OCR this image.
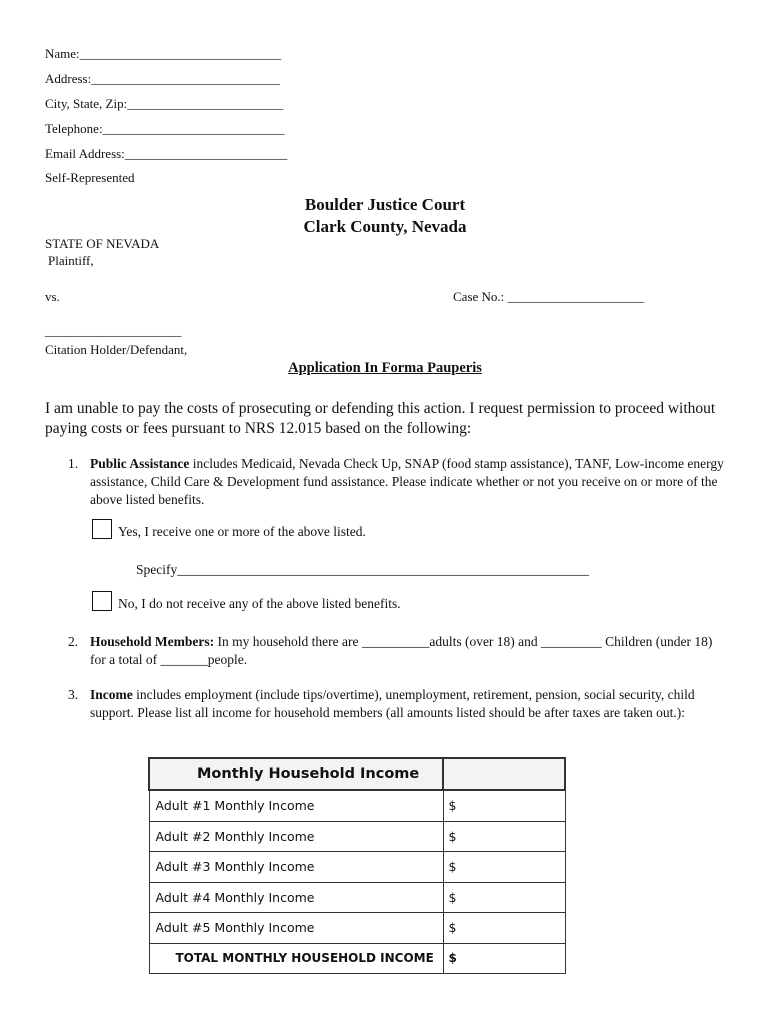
Name:_______________________________
Address:_____________________________
City, State, Zip:________________________
Telephone:____________________________
Email Address:_________________________
Self-Represented
Boulder Justice Court
Clark County, Nevada
STATE OF NEVADA
Plaintiff,
vs.	Case No.: _____________________
_____________________
Citation Holder/Defendant,
Application In Forma Pauperis
I am unable to pay the costs of prosecuting or defending this action. I request permission to proceed without paying costs or fees pursuant to NRS 12.015 based on the following:
1. Public Assistance includes Medicaid, Nevada Check Up, SNAP (food stamp assistance), TANF, Low-income energy assistance, Child Care & Development fund assistance. Please indicate whether or not you receive on or more of the above listed benefits.
Yes, I receive one or more of the above listed.
Specify_____________________________________________________________
No, I do not receive any of the above listed benefits.
2. Household Members: In my household there are __________adults (over 18) and _________ Children (under 18) for a total of _______people.
3. Income includes employment (include tips/overtime), unemployment, retirement, pension, social security, child support. Please list all income for household members (all amounts listed should be after taxes are taken out.):
Monthly Household Income	
Adult #1 Monthly Income	$
Adult #2 Monthly Income	$
Adult #3 Monthly Income	$
Adult #4 Monthly Income	$
Adult #5 Monthly Income	$
TOTAL MONTHLY HOUSEHOLD INCOME	$
